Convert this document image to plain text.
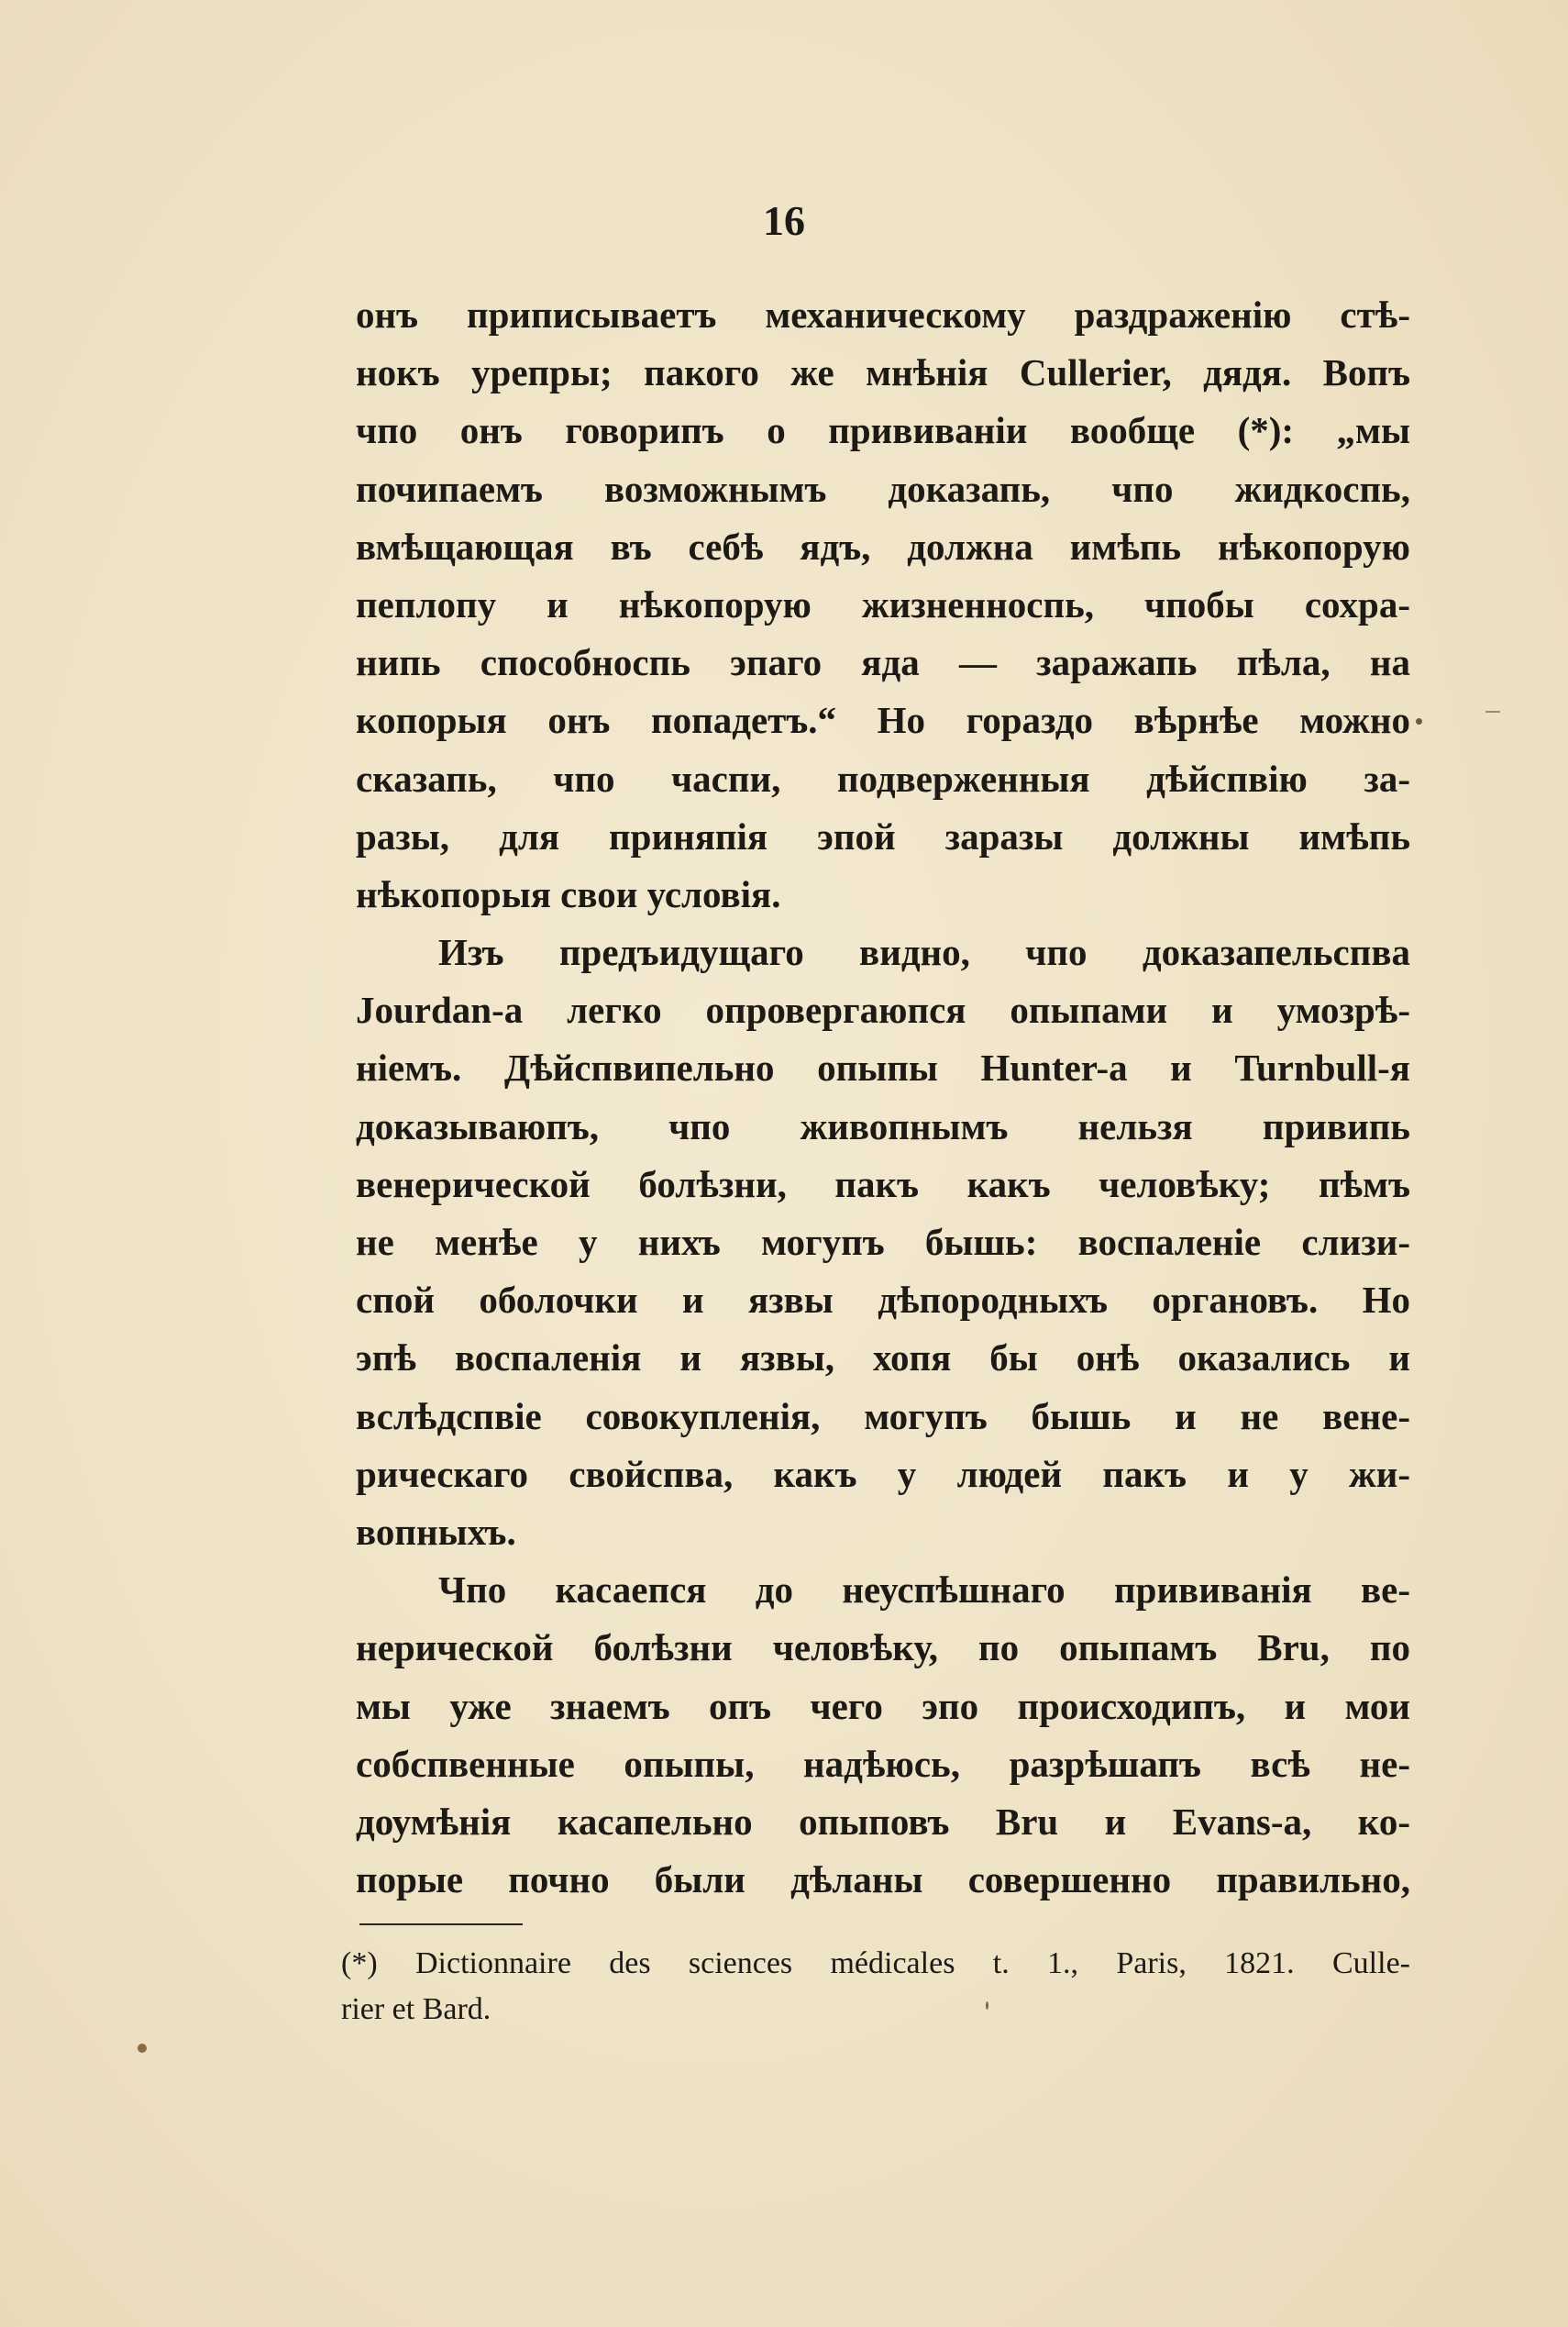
16
онъ приписываетъ механическому раздраженію стѣ-
нокъ урепры; пакого же мнѣнія Cullerier, дядя. Вопъ
чпо онъ говорипъ о прививаніи вообще (*): „мы
почипаемъ возможнымъ доказапь, чпо жидкоспь,
вмѣщающая въ себѣ ядъ, должна имѣпь нѣкопорую
пеплопу и нѣкопорую жизненноспь, чпобы сохра-
нипь способноспь эпаго яда — заражапь пѣла, на
копорыя онъ попадетъ.“ Но гораздо вѣрнѣе можно
сказапь, чпо часпи, подверженныя дѣйспвію за-
разы, для приняпія эпой заразы должны имѣпь
нѣкопорыя свои условія.
Изъ предъидущаго видно, чпо доказапельспва
Jourdan-а легко опровергаюпся опыпами и умозрѣ-
ніемъ. Дѣйспвипельно опыпы Hunter-а и Turnbull-я
доказываюпъ, чпо живопнымъ нельзя привипь
венерической болѣзни, пакъ какъ человѣку; пѣмъ
не менѣе у нихъ могупъ бышь: воспаленіе слизи-
спой оболочки и язвы дѣпородныхъ органовъ. Но
эпѣ воспаленія и язвы, хопя бы онѣ оказались и
вслѣдспвіе совокупленія, могупъ бышь и не вене-
рическаго свойспва, какъ у людей пакъ и у жи-
вопныхъ.
Чпо касаепся до неуспѣшнаго прививанія ве-
нерической болѣзни человѣку, по опыпамъ Bru, по
мы уже знаемъ опъ чего эпо происходипъ, и мои
собспвенные опыпы, надѣюсь, разрѣшапъ всѣ не-
доумѣнія касапельно опыповъ Bru и Evans-а, ко-
порые почно были дѣланы совершенно правильно,
(*) Dictionnaire des sciences médicales t. 1., Paris, 1821. Culle-
rier et Bard.
